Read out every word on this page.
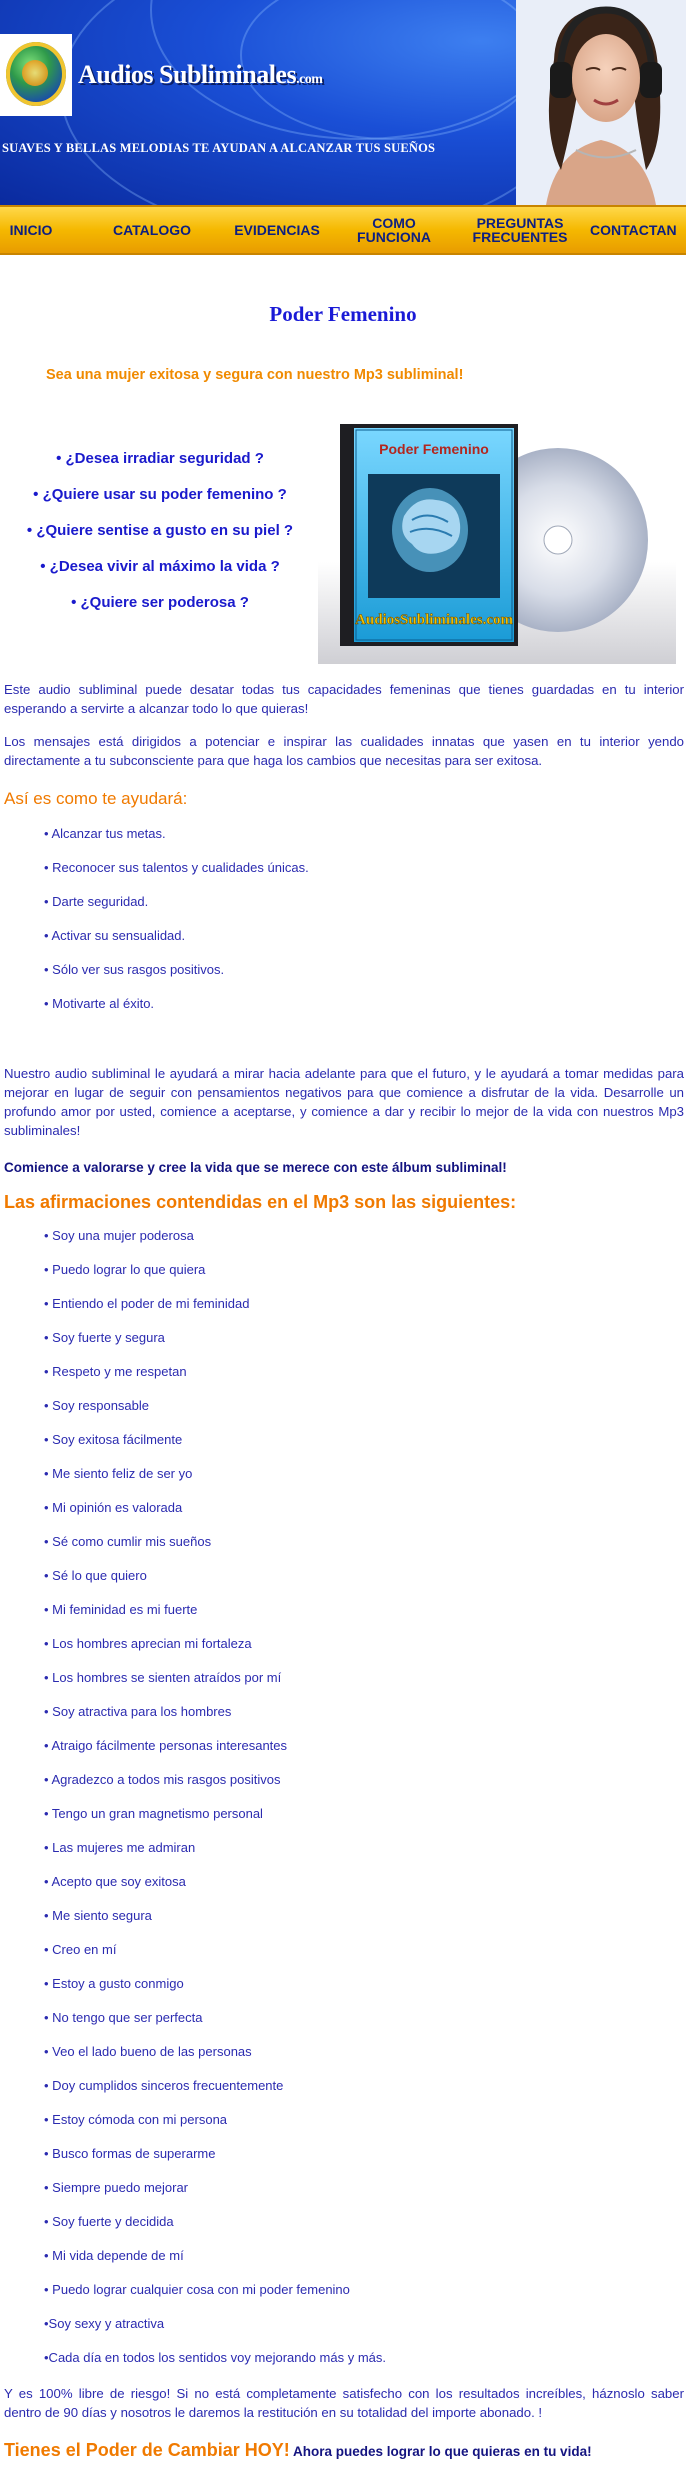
Audios Subliminales.com
SUAVES Y BELLAS MELODIAS TE AYUDAN A ALCANZAR TUS SUEÑOS
INICIO	CATALOGO	EVIDENCIAS	COMO FUNCIONA
PREGUNTAS FRECUENTES	CONTACTAN
Poder Femenino
Sea una mujer exitosa y segura con nuestro Mp3 subliminal!
• ¿Desea irradiar seguridad ?
• ¿Quiere usar su poder femenino ?
• ¿Quiere sentise a gusto en su piel ?
• ¿Desea vivir al máximo la vida ?
• ¿Quiere ser poderosa ?
Poder Femenino
AudiosSubliminales.com

Este audio subliminal puede desatar todas tus capacidades femeninas que tienes guardadas en tu interior esperando a servirte a alcanzar todo lo que quieras!

Los mensajes está dirigidos a potenciar e inspirar las cualidades innatas que yasen en tu interior yendo directamente a tu subconsciente para que haga los cambios que necesitas para ser exitosa.

Así es como te ayudará:
• Alcanzar tus metas.
• Reconocer sus talentos y cualidades únicas.
• Darte seguridad.
• Activar su sensualidad.
• Sólo ver sus rasgos positivos.
• Motivarte al éxito.

Nuestro audio subliminal le ayudará a mirar hacia adelante para que el futuro, y le ayudará a tomar medidas para mejorar en lugar de seguir con pensamientos negativos para que comience a disfrutar de la vida. Desarrolle un profundo amor por usted, comience a aceptarse, y comience a dar y recibir lo mejor de la vida con nuestros Mp3 subliminales!

Comience a valorarse y cree la vida que se merece con este álbum subliminal!
Las afirmaciones contendidas en el Mp3 son las siguientes:
• Soy una mujer poderosa
• Puedo lograr lo que quiera
• Entiendo el poder de mi feminidad
• Soy fuerte y segura
• Respeto y me respetan
• Soy responsable
• Soy exitosa fácilmente
• Me siento feliz de ser yo
• Mi opinión es valorada
• Sé como cumlir mis sueños
• Sé lo que quiero
• Mi feminidad es mi fuerte
• Los hombres aprecian mi fortaleza
• Los hombres se sienten atraídos por mí
• Soy atractiva para los hombres
• Atraigo fácilmente personas interesantes
• Agradezco a todos mis rasgos positivos
• Tengo un gran magnetismo personal
• Las mujeres me admiran
• Acepto que soy exitosa
• Me siento segura
• Creo en mí
• Estoy a gusto conmigo
• No tengo que ser perfecta
• Veo el lado bueno de las personas
• Doy cumplidos sinceros frecuentemente
• Estoy cómoda con mi persona
• Busco formas de superarme
• Siempre puedo mejorar
• Soy fuerte y decidida
• Mi vida depende de mí
• Puedo lograr cualquier cosa con mi poder femenino
•Soy sexy y atractiva
•Cada día en todos los sentidos voy mejorando más y más.

Y es 100% libre de riesgo! Si no está completamente satisfecho con los resultados increíbles, háznoslo saber dentro de 90 días y nosotros le daremos la restitución en su totalidad del importe abonado. !

Tienes el Poder de Cambiar HOY! Ahora puedes lograr lo que quieras en tu vida!
